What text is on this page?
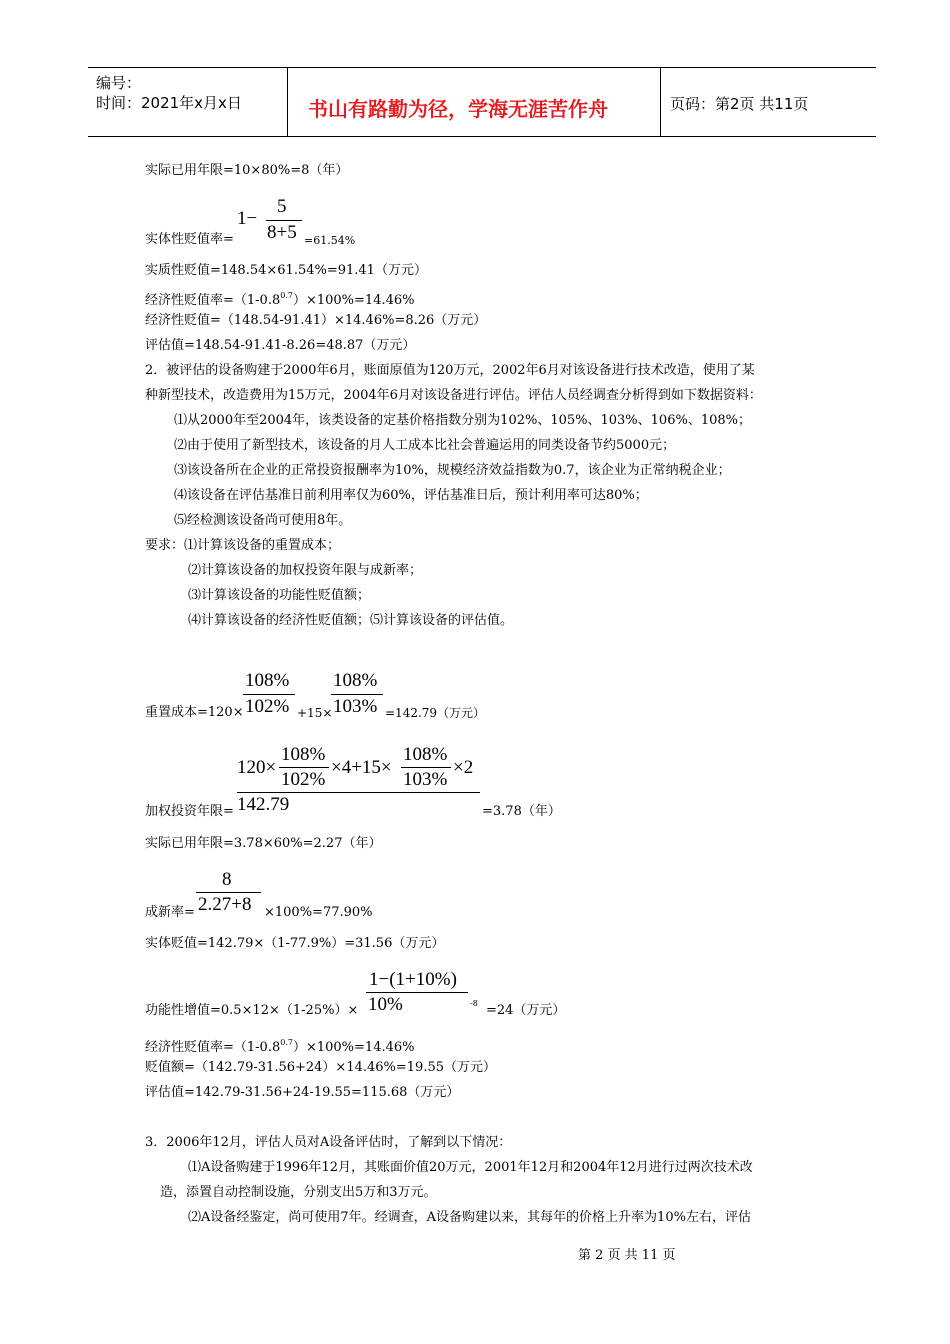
编号：
时间：2021年x月x日	书山有路勤为径，学海无涯苦作舟	页码：第2页 共11页
实际已用年限=10×80%=8（年）
实体性贬值率=
1−
5
8+5 =61.54%
实质性贬值=148.54×61.54%=91.41（万元）
经济性贬值率$=(1-0.8^{0.7})\times 100\%=14.46\%$
经济性贬值=（148.54-91.41）×14.46%=8.26（万元）
评估值=148.54-91.41-8.26=48.87（万元）
2．被评估的设备购建于2000年6月，账面原值为120万元，2002年6月对该设备进行技术改造，使用了某
种新型技术，改造费用为15万元，2004年6月对该设备进行评估。评估人员经调查分析得到如下数据资料：
⑴从2000年至2004年，该类设备的定基价格指数分别为102%、105%、103%、106%、108%；
⑵由于使用了新型技术，该设备的月人工成本比社会普遍运用的同类设备节约5000元；
⑶该设备所在企业的正常投资报酬率为10%，规模经济效益指数为0.7，该企业为正常纳税企业；
⑷该设备在评估基准日前利用率仅为60%，评估基准日后，预计利用率可达80%；
⑸经检测该设备尚可使用8年。
要求：⑴计算该设备的重置成本；
⑵计算该设备的加权投资年限与成新率；
⑶计算该设备的功能性贬值额；
⑷计算该设备的经济性贬值额；⑸计算该设备的评估值。
重置成本=120×
108%
102% +15×
108%
103% =142.79（万元）
加权投资年限=
120×
108%
102%
×4+15×
108%
103%
×2
142.79	=3.78（年）
实际已用年限=3.78×60%=2.27（年）
成新率=
8
2.27+8 ×100%=77.90%
实体贬值=142.79×（1-77.9%）=31.56（万元）
1−(1+10%)
10%
功能性增值=0.5×12×（1-25%）×	-8 =24（万元）
经济性贬值率$=(1-0.8^{0.7})\times 100\%=14.46\%$
贬值额=（142.79-31.56+24）×14.46%=19.55（万元）
评估值=142.79-31.56+24-19.55=115.68（万元）
3．2006年12月，评估人员对A设备评估时，了解到以下情况：
⑴A设备购建于1996年12月，其账面价值20万元，2001年12月和2004年12月进行过两次技术改
造，添置自动控制设施，分别支出5万和3万元。
⑵A设备经鉴定，尚可使用7年。经调查，A设备购建以来，其每年的价格上升率为10%左右，评估
第 2 页 共 11 页
